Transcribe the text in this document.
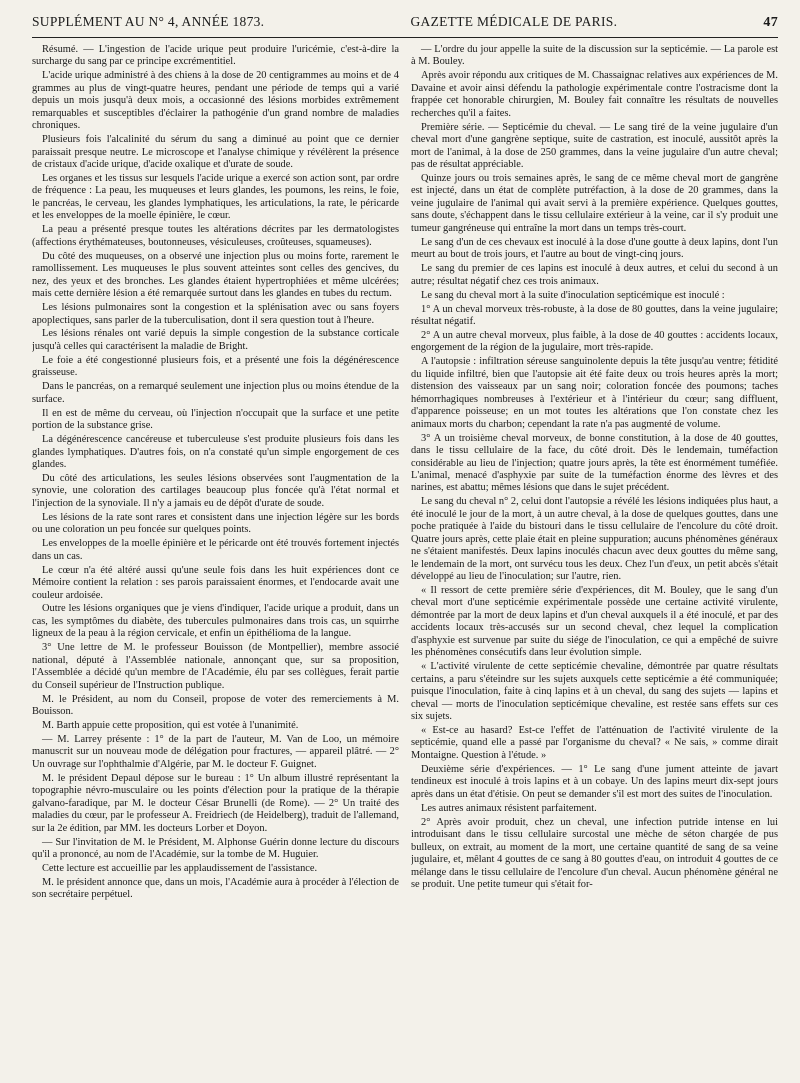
SUPPLÉMENT AU N° 4, ANNÉE 1873.	GAZETTE MÉDICALE DE PARIS.	47

Résumé. — L'ingestion de l'acide urique peut produire l'uricémie, c'est-à-dire la surcharge du sang par ce principe excrémentitiel.

L'acide urique administré à des chiens à la dose de 20 centigrammes au moins et de 4 grammes au plus de vingt-quatre heures, pendant une période de temps qui a varié depuis un mois jusqu'à deux mois, a occasionné des lésions morbides extrêmement remarquables et susceptibles d'éclairer la pathogénie d'un grand nombre de maladies chroniques.

Plusieurs fois l'alcalinité du sérum du sang a diminué au point que ce dernier paraissait presque neutre. Le microscope et l'analyse chimique y révélèrent la présence de cristaux d'acide urique, d'acide oxalique et d'urate de soude.

Les organes et les tissus sur lesquels l'acide urique a exercé son action sont, par ordre de fréquence : La peau, les muqueuses et leurs glandes, les poumons, les reins, le foie, le pancréas, le cerveau, les glandes lymphatiques, les articulations, la rate, le péricarde et les enveloppes de la moelle épinière, le cœur.

La peau a présenté presque toutes les altérations décrites par les dermatologistes (affections érythémateuses, boutonneuses, vésiculeuses, croûteuses, squameuses).

Du côté des muqueuses, on a observé une injection plus ou moins forte, rarement le ramollissement. Les muqueuses le plus souvent atteintes sont celles des gencives, du nez, des yeux et des bronches. Les glandes étaient hypertrophiées et même ulcérées; mais cette dernière lésion a été remarquée surtout dans les glandes en tubes du rectum.

Les lésions pulmonaires sont la congestion et la splénisation avec ou sans foyers apoplectiques, sans parler de la tuberculisation, dont il sera question tout à l'heure.

Les lésions rénales ont varié depuis la simple congestion de la substance corticale jusqu'à celles qui caractérisent la maladie de Bright.

Le foie a été congestionné plusieurs fois, et a présenté une fois la dégénérescence graisseuse.

Dans le pancréas, on a remarqué seulement une injection plus ou moins étendue de la surface.

Il en est de même du cerveau, où l'injection n'occupait que la surface et une petite portion de la substance grise.

La dégénérescence cancéreuse et tuberculeuse s'est produite plusieurs fois dans les glandes lymphatiques. D'autres fois, on n'a constaté qu'un simple engorgement de ces glandes.

Du côté des articulations, les seules lésions observées sont l'augmentation de la synovie, une coloration des cartilages beaucoup plus foncée qu'à l'état normal et l'injection de la synoviale. Il n'y a jamais eu de dépôt d'urate de soude.

Les lésions de la rate sont rares et consistent dans une injection légère sur les bords ou une coloration un peu foncée sur quelques points.

Les enveloppes de la moelle épinière et le péricarde ont été trouvés fortement injectés dans un cas.

Le cœur n'a été altéré aussi qu'une seule fois dans les huit expériences dont ce Mémoire contient la relation : ses parois paraissaient énormes, et l'endocarde avait une couleur ardoisée.

Outre les lésions organiques que je viens d'indiquer, l'acide urique a produit, dans un cas, les symptômes du diabète, des tubercules pulmonaires dans trois cas, un squirrhe ligneux de la peau à la région cervicale, et enfin un épithélioma de la langue.

3° Une lettre de M. le professeur Bouisson (de Montpellier), membre associé national, député à l'Assemblée nationale, annonçant que, sur sa proposition, l'Assemblée a décidé qu'un membre de l'Académie, élu par ses collègues, ferait partie du Conseil supérieur de l'Instruction publique.

M. le Président, au nom du Conseil, propose de voter des remerciements à M. Bouisson.

M. Barth appuie cette proposition, qui est votée à l'unanimité.

— M. Larrey présente : 1° de la part de l'auteur, M. Van de Loo, un mémoire manuscrit sur un nouveau mode de délégation pour fractures, — appareil plâtré. — 2° Un ouvrage sur l'ophthalmie d'Algérie, par M. le docteur F. Guignet.

M. le président Depaul dépose sur le bureau : 1° Un album illustré représentant la topographie névro-musculaire ou les points d'élection pour la pratique de la thérapie galvano-faradique, par M. le docteur César Brunelli (de Rome). — 2° Un traité des maladies du cœur, par le professeur A. Freidriech (de Heidelberg), traduit de l'allemand, sur la 2e édition, par MM. les docteurs Lorber et Doyon.

— Sur l'invitation de M. le Président, M. Alphonse Guérin donne lecture du discours qu'il a prononcé, au nom de l'Académie, sur la tombe de M. Huguier.

Cette lecture est accueillie par les applaudissement de l'assistance.

M. le président annonce que, dans un mois, l'Académie aura à procéder à l'élection de son secrétaire perpétuel.

— L'ordre du jour appelle la suite de la discussion sur la septicémie. — La parole est à M. Bouley.

Après avoir répondu aux critiques de M. Chassaignac relatives aux expériences de M. Davaine et avoir ainsi défendu la pathologie expérimentale contre l'ostracisme dont la frappée cet honorable chirurgien, M. Bouley fait connaître les résultats de nouvelles recherches qu'il a faites.

Première série. — Septicémie du cheval. — Le sang tiré de la veine jugulaire d'un cheval mort d'une gangrène septique, suite de castration, est inoculé, aussitôt après la mort de l'animal, à la dose de 250 grammes, dans la veine jugulaire d'un autre cheval; pas de résultat appréciable.

Quinze jours ou trois semaines après, le sang de ce même cheval mort de gangrène est injecté, dans un état de complète putréfaction, à la dose de 20 grammes, dans la veine jugulaire de l'animal qui avait servi à la première expérience. Quelques gouttes, sans doute, s'échappent dans le tissu cellulaire extérieur à la veine, car il s'y produit une tumeur gangréneuse qui entraîne la mort dans un temps très-court.

Le sang d'un de ces chevaux est inoculé à la dose d'une goutte à deux lapins, dont l'un meurt au bout de trois jours, et l'autre au bout de vingt-cinq jours.

Le sang du premier de ces lapins est inoculé à deux autres, et celui du second à un autre; résultat négatif chez ces trois animaux.

Le sang du cheval mort à la suite d'inoculation septicémique est inoculé :

1° A un cheval morveux très-robuste, à la dose de 80 gouttes, dans la veine jugulaire; résultat négatif.

2° A un autre cheval morveux, plus faible, à la dose de 40 gouttes : accidents locaux, engorgement de la région de la jugulaire, mort très-rapide.

A l'autopsie : infiltration séreuse sanguinolente depuis la tête jusqu'au ventre; fétidité du liquide infiltré, bien que l'autopsie ait été faite deux ou trois heures après la mort; distension des vaisseaux par un sang noir; coloration foncée des poumons; taches hémorrhagiques nombreuses à l'extérieur et à l'intérieur du cœur; sang diffluent, d'apparence poisseuse; en un mot toutes les altérations que l'on constate chez les animaux morts du charbon; cependant la rate n'a pas augmenté de volume.

3° A un troisième cheval morveux, de bonne constitution, à la dose de 40 gouttes, dans le tissu cellulaire de la face, du côté droit. Dès le lendemain, tuméfaction considérable au lieu de l'injection; quatre jours après, la tête est énormément tuméfiée. L'animal, menacé d'asphyxie par suite de la tuméfaction énorme des lèvres et des narines, est abattu; mêmes lésions que dans le sujet précédent.

Le sang du cheval n° 2, celui dont l'autopsie a révélé les lésions indiquées plus haut, a été inoculé le jour de la mort, à un autre cheval, à la dose de quelques gouttes, dans une poche pratiquée à l'aide du bistouri dans le tissu cellulaire de l'encolure du côté droit. Quatre jours après, cette plaie était en pleine suppuration; aucuns phénomènes généraux ne s'étaient manifestés. Deux lapins inoculés chacun avec deux gouttes du même sang, le lendemain de la mort, ont survécu tous les deux. Chez l'un d'eux, un petit abcès s'était développé au lieu de l'inoculation; sur l'autre, rien.

« Il ressort de cette première série d'expériences, dit M. Bouley, que le sang d'un cheval mort d'une septicémie expérimentale possède une certaine activité virulente, démontrée par la mort de deux lapins et d'un cheval auxquels il a été inoculé, et par des accidents locaux très-accusés sur un second cheval, chez lequel la complication d'asphyxie est survenue par suite du siége de l'inoculation, ce qui a empêché de suivre les phénomènes consécutifs dans leur évolution simple.

« L'activité virulente de cette septicémie chevaline, démontrée par quatre résultats certains, a paru s'éteindre sur les sujets auxquels cette septicémie a été communiquée; puisque l'inoculation, faite à cinq lapins et à un cheval, du sang des sujets — lapins et cheval — morts de l'inoculation septicémique chevaline, est restée sans effets sur ces six sujets.

« Est-ce au hasard? Est-ce l'effet de l'atténuation de l'activité virulente de la septicémie, quand elle a passé par l'organisme du cheval? « Ne sais, » comme dirait Montaigne. Question à l'étude. »

Deuxième série d'expériences. — 1° Le sang d'une jument atteinte de javart tendineux est inoculé à trois lapins et à un cobaye. Un des lapins meurt dix-sept jours après dans un état d'étisie. On peut se demander s'il est mort des suites de l'inoculation.

Les autres animaux résistent parfaitement.

2° Après avoir produit, chez un cheval, une infection putride intense en lui introduisant dans le tissu cellulaire surcostal une mèche de séton chargée de pus bulleux, on extrait, au moment de la mort, une certaine quantité de sang de sa veine jugulaire, et, mêlant 4 gouttes de ce sang à 80 gouttes d'eau, on introduit 4 gouttes de ce mélange dans le tissu cellulaire de l'encolure d'un cheval. Aucun phénomène général ne se produit. Une petite tumeur qui s'était for-
